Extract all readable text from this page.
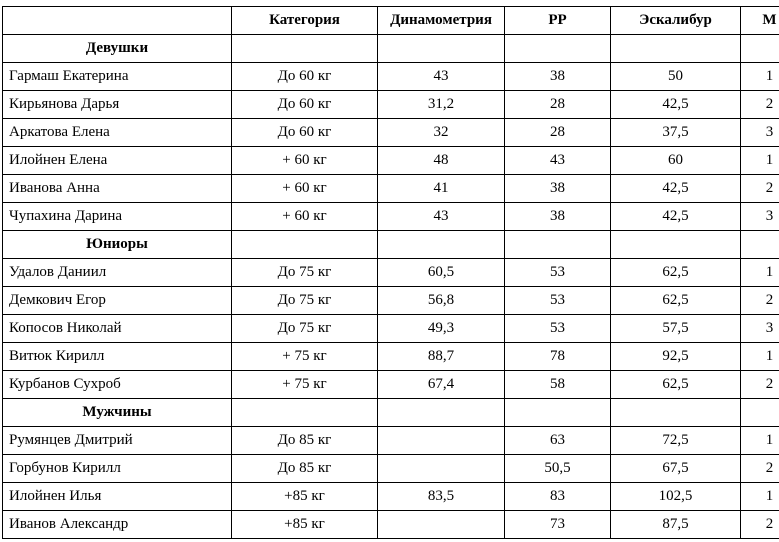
	Категория	Динамометрия	PP	Эскалибур	М
Девушки					
Гармаш Екатерина	До 60 кг	43	38	50	1
Кирьянова Дарья	До 60 кг	31,2	28	42,5	2
Аркатова Елена	До 60 кг	32	28	37,5	3
Илойнен Елена	+ 60 кг	48	43	60	1
Иванова Анна	+ 60 кг	41	38	42,5	2
Чупахина Дарина	+ 60 кг	43	38	42,5	3
Юниоры					
Удалов Даниил	До 75 кг	60,5	53	62,5	1
Демкович Егор	До 75 кг	56,8	53	62,5	2
Копосов Николай	До 75 кг	49,3	53	57,5	3
Витюк Кирилл	+ 75 кг	88,7	78	92,5	1
Курбанов Сухроб	+ 75 кг	67,4	58	62,5	2
Мужчины					
Румянцев Дмитрий	До 85 кг		63	72,5	1
Горбунов Кирилл	До 85 кг		50,5	67,5	2
Илойнен Илья	+85 кг	83,5	83	102,5	1
Иванов Александр	+85 кг		73	87,5	2
